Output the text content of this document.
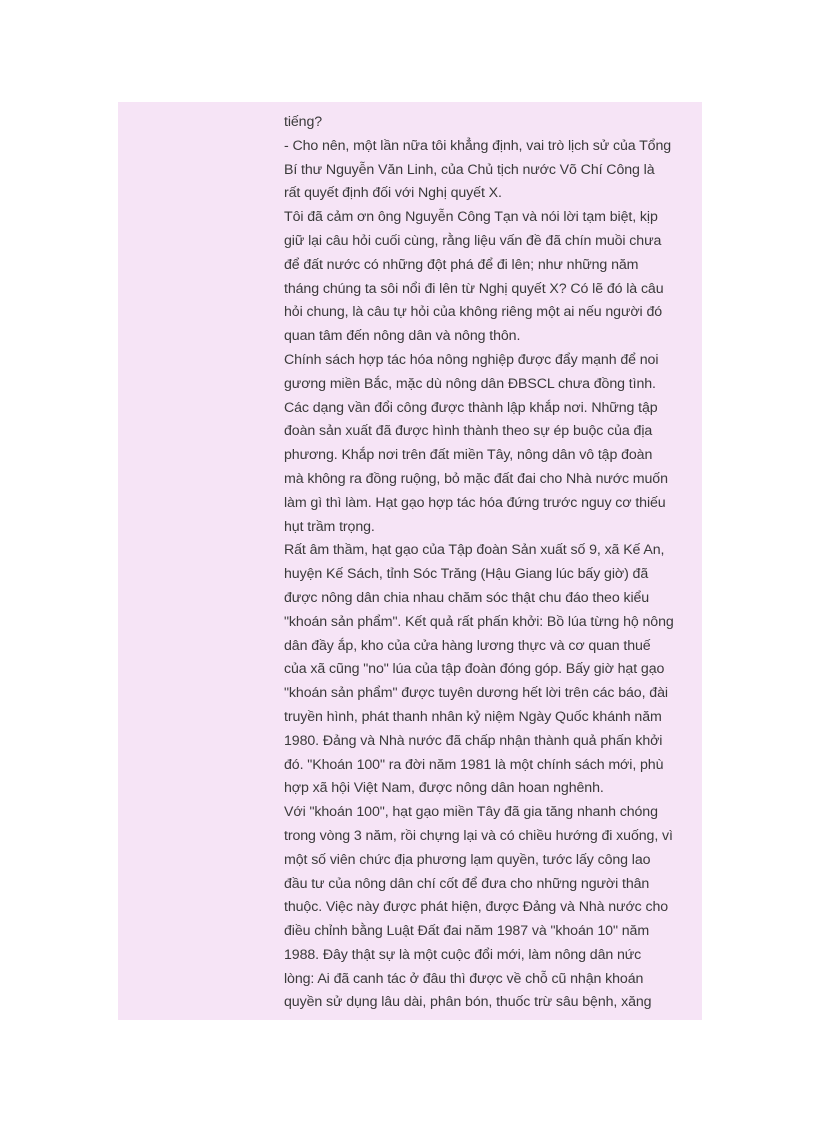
tiếng?
- Cho nên, một lần nữa tôi khẳng định, vai trò lịch sử của Tổng
Bí thư Nguyễn Văn Linh, của Chủ tịch nước Võ Chí Công là
rất quyết định đối với Nghị quyết X.
Tôi đã cảm ơn ông Nguyễn Công Tạn và nói lời tạm biệt, kịp
giữ lại câu hỏi cuối cùng, rằng liệu vấn đề đã chín muồi chưa
để đất nước có những đột phá để đi lên; như những năm
tháng chúng ta sôi nổi đi lên từ Nghị quyết X? Có lẽ đó là câu
hỏi chung, là câu tự hỏi của không riêng một ai nếu người đó
quan tâm đến nông dân và nông thôn.
Chính sách hợp tác hóa nông nghiệp được đẩy mạnh để noi
gương miền Bắc, mặc dù nông dân ĐBSCL chưa đồng tình.
Các dạng vần đổi công được thành lập khắp nơi. Những tập
đoàn sản xuất đã được hình thành theo sự ép buộc của địa
phương. Khắp nơi trên đất miền Tây, nông dân vô tập đoàn
mà không ra đồng ruộng, bỏ mặc đất đai cho Nhà nước muốn
làm gì thì làm. Hạt gạo hợp tác hóa đứng trước nguy cơ thiếu
hụt trầm trọng.
Rất âm thầm, hạt gạo của Tập đoàn Sản xuất số 9, xã Kế An,
huyện Kế Sách, tỉnh Sóc Trăng (Hậu Giang lúc bấy giờ) đã
được nông dân chia nhau chăm sóc thật chu đáo theo kiểu
"khoán sản phẩm". Kết quả rất phấn khởi: Bồ lúa từng hộ nông
dân đầy ắp, kho của cửa hàng lương thực và cơ quan thuế
của xã cũng "no" lúa của tập đoàn đóng góp. Bấy giờ hạt gạo
"khoán sản phẩm" được tuyên dương hết lời trên các báo, đài
truyền hình, phát thanh nhân kỷ niệm Ngày Quốc khánh năm
1980. Đảng và Nhà nước đã chấp nhận thành quả phấn khởi
đó. "Khoán 100" ra đời năm 1981 là một chính sách mới, phù
hợp xã hội Việt Nam, được nông dân hoan nghênh.
Với "khoán 100", hạt gạo miền Tây đã gia tăng nhanh chóng
trong vòng 3 năm, rồi chựng lại và có chiều hướng đi xuống, vì
một số viên chức địa phương lạm quyền, tước lấy công lao
đầu tư của nông dân chí cốt để đưa cho những người thân
thuộc. Việc này được phát hiện, được Đảng và Nhà nước cho
điều chỉnh bằng Luật Đất đai năm 1987 và "khoán 10" năm
1988. Đây thật sự là một cuộc đổi mới, làm nông dân nức
lòng: Ai đã canh tác ở đâu thì được về chỗ cũ nhận khoán
quyền sử dụng lâu dài, phân bón, thuốc trừ sâu bệnh, xăng
